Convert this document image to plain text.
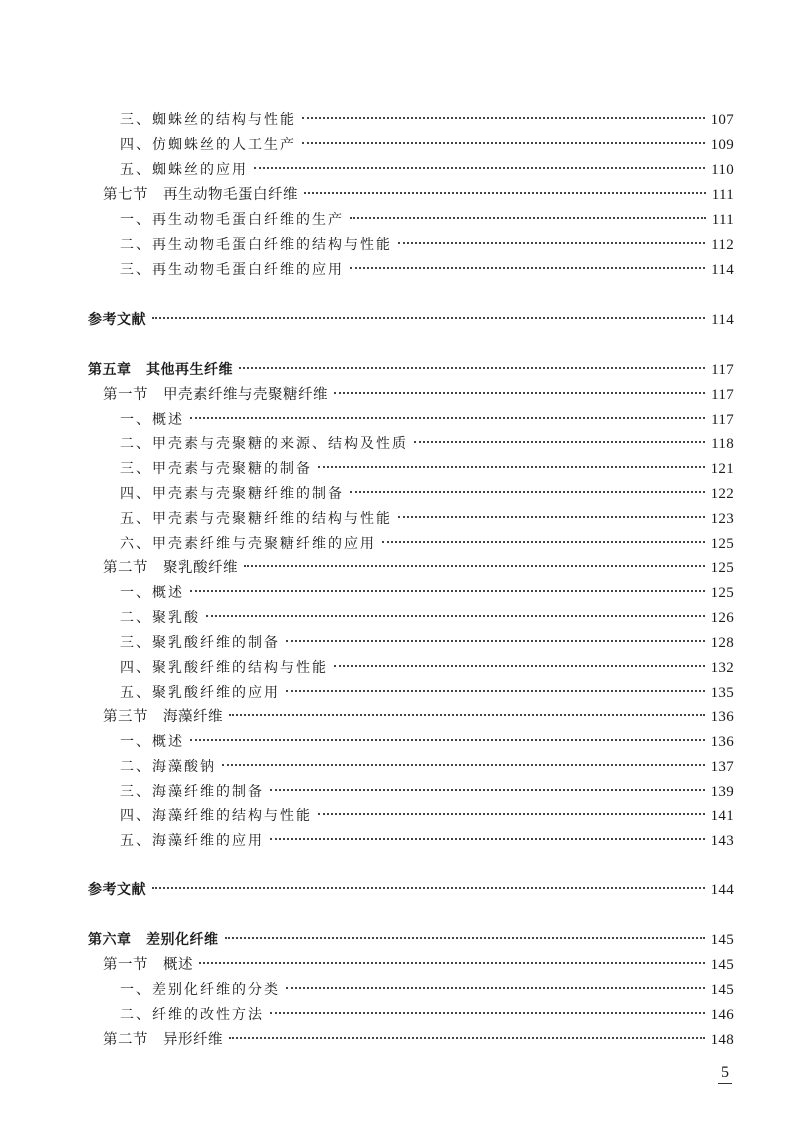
三、蜘蛛丝的结构与性能	107
四、仿蜘蛛丝的人工生产	109
五、蜘蛛丝的应用	110
第七节　再生动物毛蛋白纤维	111
一、再生动物毛蛋白纤维的生产	111
二、再生动物毛蛋白纤维的结构与性能	112
三、再生动物毛蛋白纤维的应用	114
参考文献	114
第五章　其他再生纤维	117
第一节　甲壳素纤维与壳聚糖纤维	117
一、概述	117
二、甲壳素与壳聚糖的来源、结构及性质	118
三、甲壳素与壳聚糖的制备	121
四、甲壳素与壳聚糖纤维的制备	122
五、甲壳素与壳聚糖纤维的结构与性能	123
六、甲壳素纤维与壳聚糖纤维的应用	125
第二节　聚乳酸纤维	125
一、概述	125
二、聚乳酸	126
三、聚乳酸纤维的制备	128
四、聚乳酸纤维的结构与性能	132
五、聚乳酸纤维的应用	135
第三节　海藻纤维	136
一、概述	136
二、海藻酸钠	137
三、海藻纤维的制备	139
四、海藻纤维的结构与性能	141
五、海藻纤维的应用	143
参考文献	144
第六章　差别化纤维	145
第一节　概述	145
一、差别化纤维的分类	145
二、纤维的改性方法	146
第二节　异形纤维	148
5
